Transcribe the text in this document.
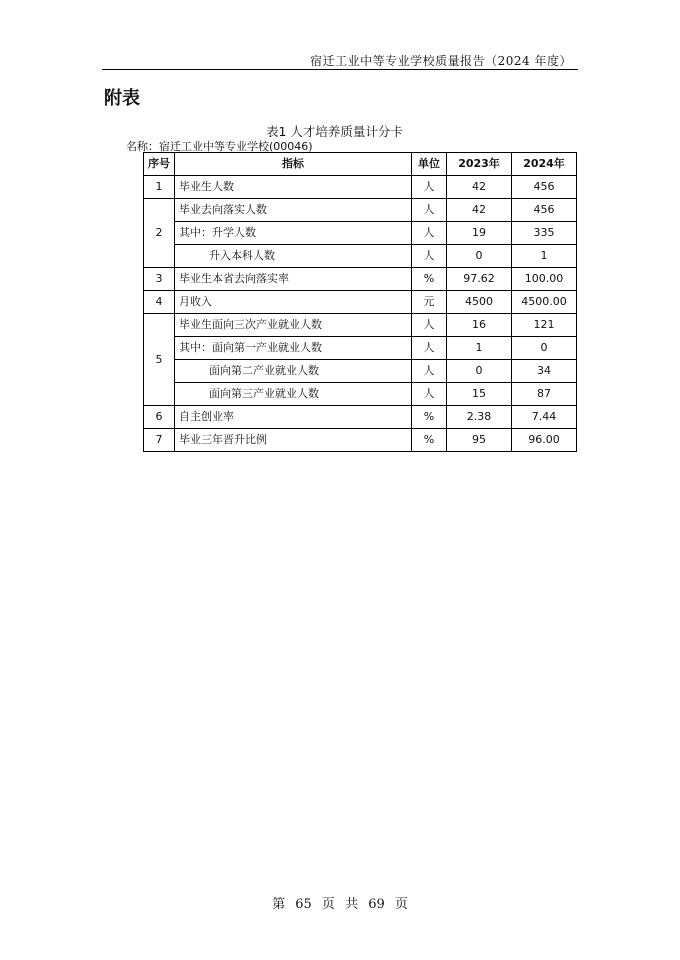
宿迁工业中等专业学校质量报告（2024 年度）
附表
表1 人才培养质量计分卡
名称：宿迁工业中等专业学校(00046)
序号	指标	单位	2023年	2024年
1	毕业生人数	人	42	456
2	毕业去向落实人数	人	42	456
	其中：升学人数	人	19	335
	升入本科人数	人	0	1
3	毕业生本省去向落实率	%	97.62	100.00
4	月收入	元	4500	4500.00
5	毕业生面向三次产业就业人数	人	16	121
	其中：面向第一产业就业人数	人	1	0
	面向第二产业就业人数	人	0	34
	面向第三产业就业人数	人	15	87
6	自主创业率	%	2.38	7.44
7	毕业三年晋升比例	%	95	96.00
第 65 页 共 69 页
